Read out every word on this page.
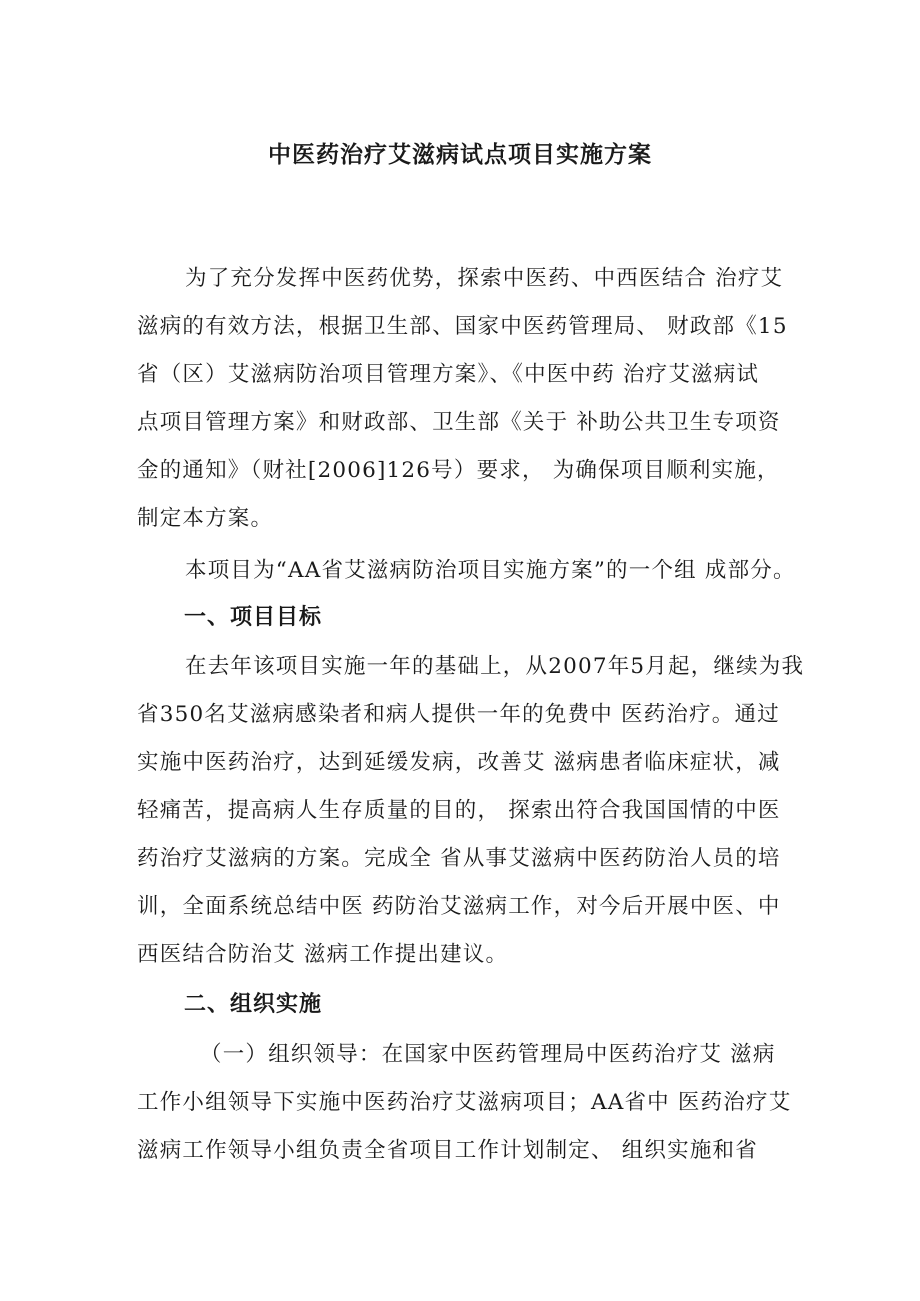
中医药治疗艾滋病试点项目实施方案

为了充分发挥中医药优势，探索中医药、中西医结合 治疗艾

滋病的有效方法，根据卫生部、国家中医药管理局、 财政部《15

省（区）艾滋病防治项目管理方案》、《中医中药 治疗艾滋病试

点项目管理方案》和财政部、卫生部《关于 补助公共卫生专项资

金的通知》（财社[2006]126号）要求， 为确保项目顺利实施，

制定本方案。

本项目为“AA省艾滋病防治项目实施方案”的一个组 成部分。

一、项目目标

在去年该项目实施一年的基础上，从2007年5月起，继续为我

省350名艾滋病感染者和病人提供一年的免费中 医药治疗。通过

实施中医药治疗，达到延缓发病，改善艾 滋病患者临床症状，减

轻痛苦，提高病人生存质量的目的， 探索出符合我国国情的中医

药治疗艾滋病的方案。完成全 省从事艾滋病中医药防治人员的培

训，全面系统总结中医 药防治艾滋病工作，对今后开展中医、中

西医结合防治艾 滋病工作提出建议。

二、组织实施

（一）组织领导：在国家中医药管理局中医药治疗艾 滋病

工作小组领导下实施中医药治疗艾滋病项目；AA省中 医药治疗艾

滋病工作领导小组负责全省项目工作计划制定、 组织实施和省
